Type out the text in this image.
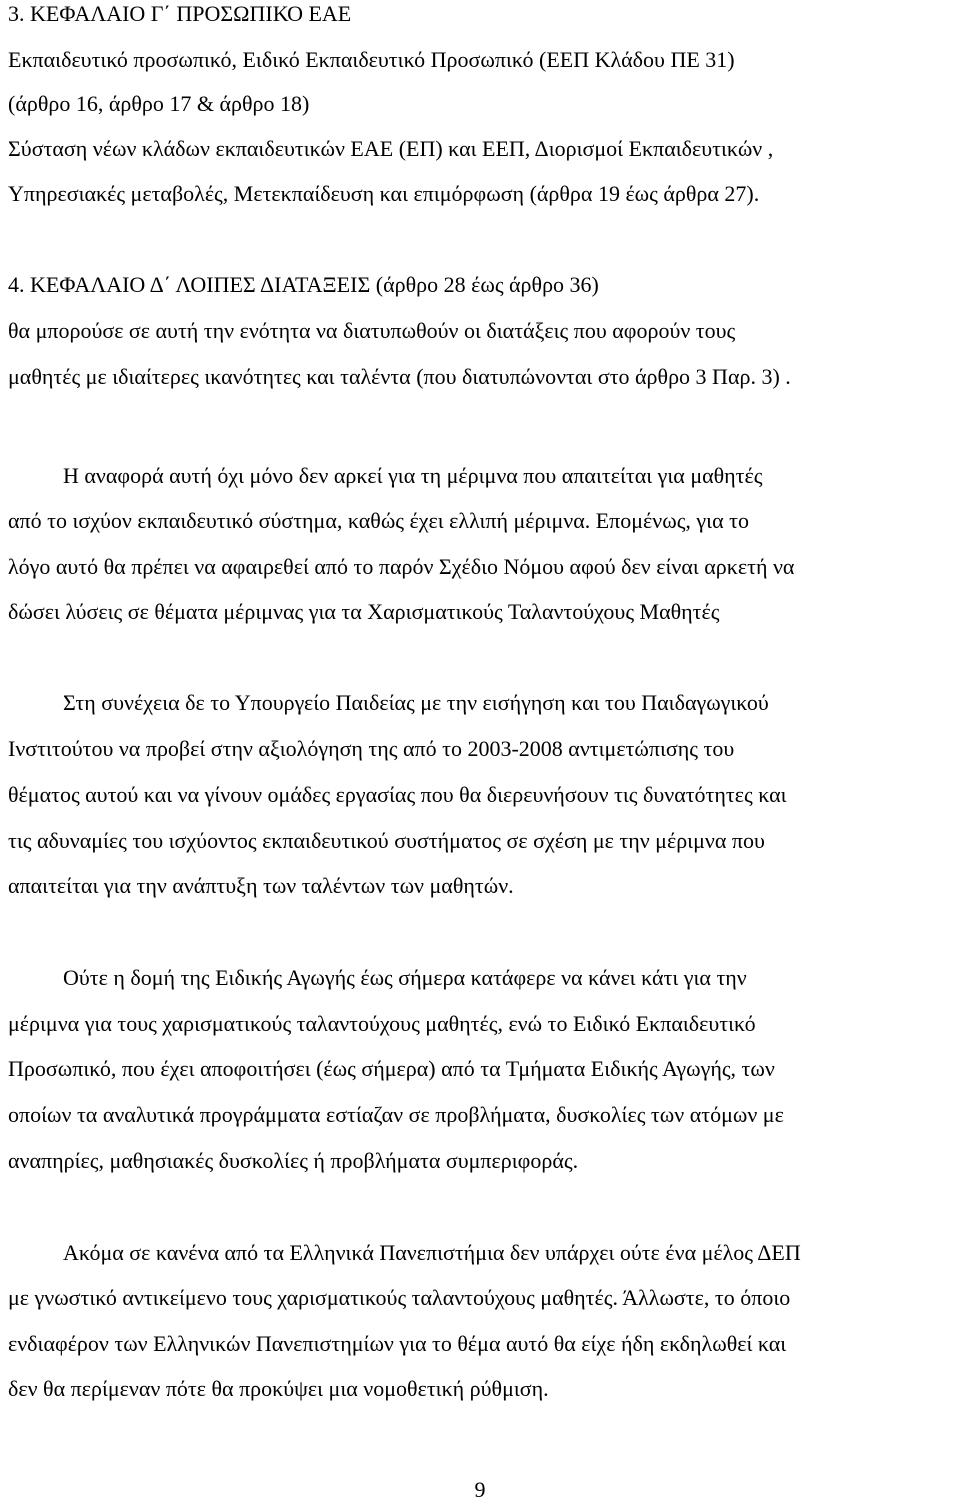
3. ΚΕΦΑΛΑΙΟ Γ΄ ΠΡΟΣΩΠΙΚΟ ΕΑΕ
Εκπαιδευτικό προσωπικό, Ειδικό Εκπαιδευτικό Προσωπικό (ΕΕΠ Κλάδου ΠΕ 31)
(άρθρο 16, άρθρο 17 & άρθρο 18)
Σύσταση νέων κλάδων εκπαιδευτικών ΕΑΕ (ΕΠ) και ΕΕΠ, Διορισμοί Εκπαιδευτικών ,
Υπηρεσιακές μεταβολές, Μετεκπαίδευση και επιμόρφωση (άρθρα 19 έως άρθρα 27).
4. ΚΕΦΑΛΑΙΟ Δ΄ ΛΟΙΠΕΣ ΔΙΑΤΑΞΕΙΣ (άρθρο 28 έως άρθρο 36)
θα μπορούσε σε αυτή την ενότητα να διατυπωθούν οι διατάξεις που αφορούν τους
μαθητές με ιδιαίτερες ικανότητες και ταλέντα (που διατυπώνονται στο άρθρο 3 Παρ. 3) .
Η αναφορά αυτή όχι μόνο δεν αρκεί για τη μέριμνα που απαιτείται για μαθητές
από το ισχύον εκπαιδευτικό σύστημα, καθώς έχει ελλιπή μέριμνα. Επομένως, για το
λόγο αυτό θα πρέπει να αφαιρεθεί από το παρόν Σχέδιο Νόμου αφού δεν είναι αρκετή να
δώσει λύσεις σε θέματα μέριμνας για τα Χαρισματικούς Ταλαντούχους Μαθητές
Στη συνέχεια δε το Υπουργείο Παιδείας με την εισήγηση και του Παιδαγωγικού
Ινστιτούτου να προβεί στην αξιολόγηση της από το 2003-2008 αντιμετώπισης του
θέματος αυτού και να γίνουν ομάδες εργασίας που θα διερευνήσουν τις δυνατότητες και
τις αδυναμίες του ισχύοντος εκπαιδευτικού συστήματος σε σχέση με την μέριμνα που
απαιτείται για την ανάπτυξη των ταλέντων των μαθητών.
Ούτε η δομή της Ειδικής Αγωγής έως σήμερα κατάφερε να κάνει κάτι για την
μέριμνα για τους χαρισματικούς ταλαντούχους μαθητές, ενώ το Ειδικό Εκπαιδευτικό
Προσωπικό, που έχει αποφοιτήσει (έως σήμερα) από τα Τμήματα Ειδικής Αγωγής, των
οποίων τα αναλυτικά προγράμματα εστίαζαν σε προβλήματα, δυσκολίες των ατόμων με
αναπηρίες, μαθησιακές δυσκολίες ή προβλήματα συμπεριφοράς.
Ακόμα σε κανένα από τα Ελληνικά Πανεπιστήμια δεν υπάρχει ούτε ένα μέλος ΔΕΠ
με γνωστικό αντικείμενο τους χαρισματικούς ταλαντούχους μαθητές. Άλλωστε, το όποιο
ενδιαφέρον των Ελληνικών Πανεπιστημίων για το θέμα αυτό θα είχε ήδη εκδηλωθεί και
δεν θα περίμεναν πότε θα προκύψει μια νομοθετική ρύθμιση.
9
